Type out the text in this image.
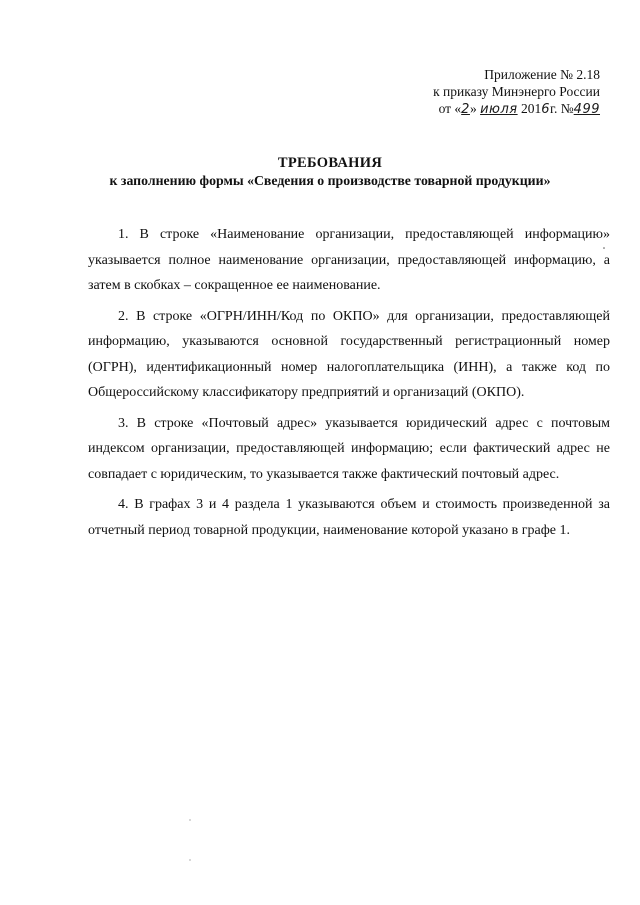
Приложение № 2.18
к приказу Минэнерго России
от «2» июля 2016г. №499
ТРЕБОВАНИЯ
к заполнению формы «Сведения о производстве товарной продукции»

1. В строке «Наименование организации, предоставляющей информацию» указывается полное наименование организации, предоставляющей информацию, а затем в скобках – сокращенное ее наименование.

2. В строке «ОГРН/ИНН/Код по ОКПО» для организации, предоставляющей информацию, указываются основной государственный регистрационный номер (ОГРН), идентификационный номер налогоплательщика (ИНН), а также код по Общероссийскому классификатору предприятий и организаций (ОКПО).

3. В строке «Почтовый адрес» указывается юридический адрес с почтовым индексом организации, предоставляющей информацию; если фактический адрес не совпадает с юридическим, то указывается также фактический почтовый адрес.

4. В графах 3 и 4 раздела 1 указываются объем и стоимость произведенной за отчетный период товарной продукции, наименование которой указано в графе 1.
